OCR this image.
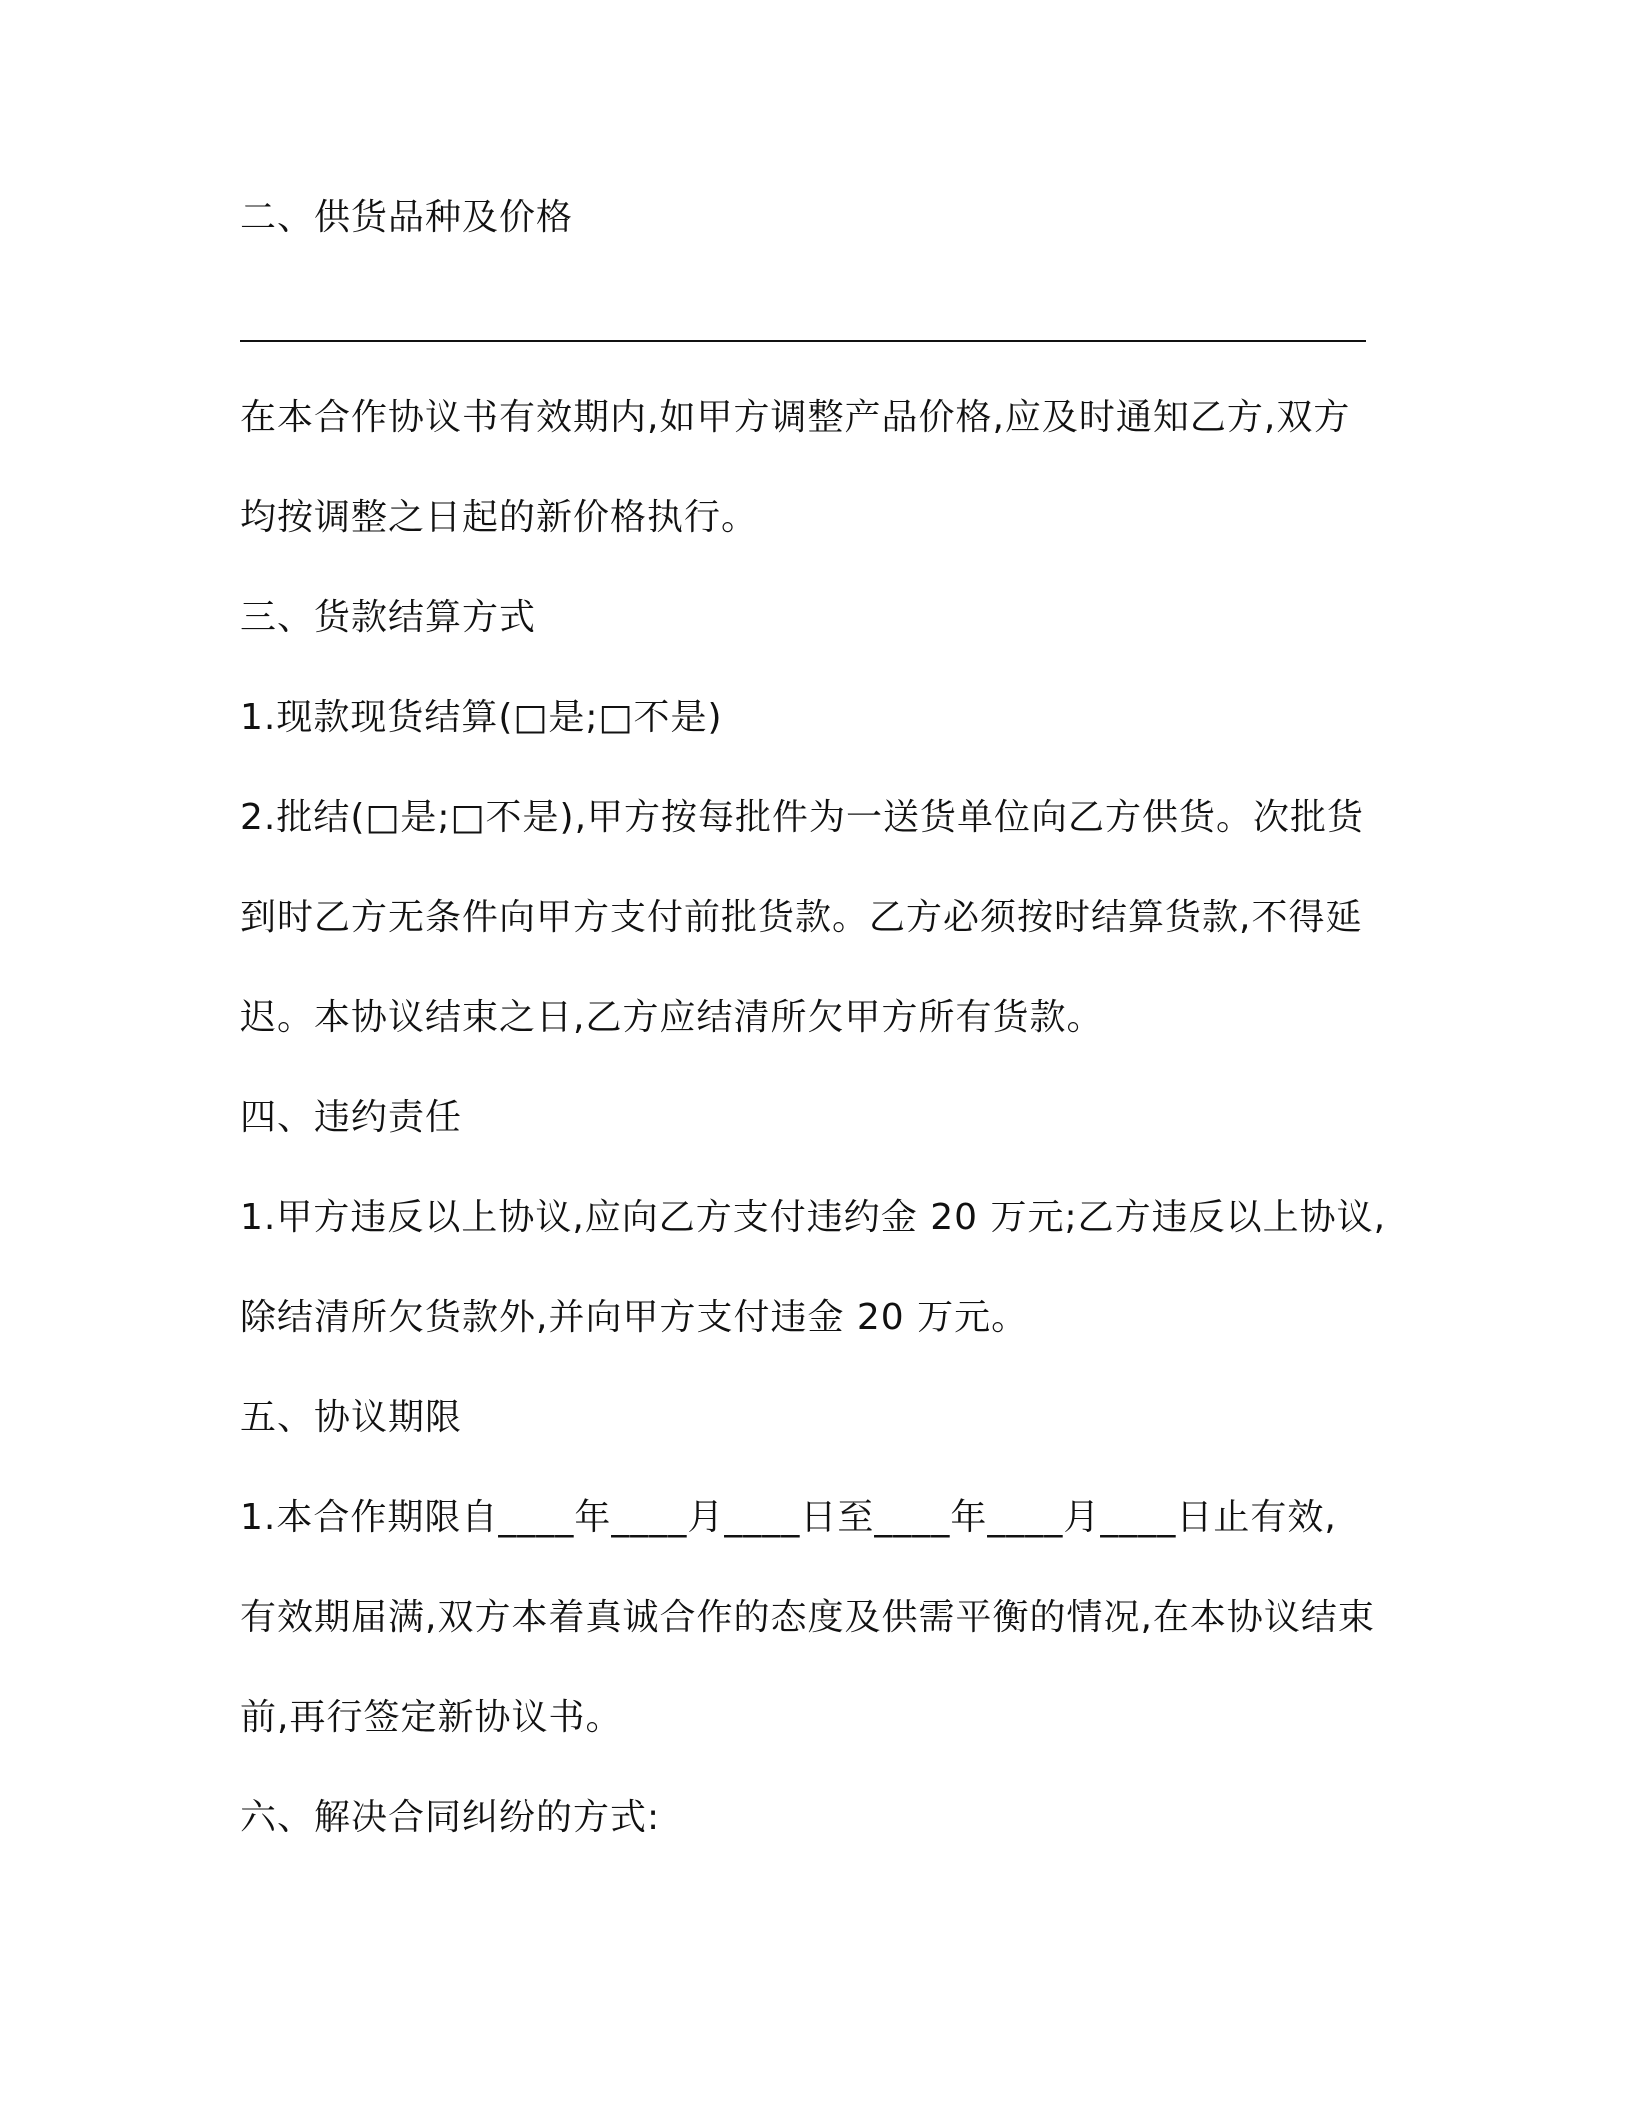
二、供货品种及价格
在本合作协议书有效期内,如甲方调整产品价格,应及时通知乙方,双方
均按调整之日起的新价格执行。
三、货款结算方式
1.现款现货结算(□是;□不是)
2.批结(□是;□不是),甲方按每批件为一送货单位向乙方供货。次批货
到时乙方无条件向甲方支付前批货款。乙方必须按时结算货款,不得延
迟。本协议结束之日,乙方应结清所欠甲方所有货款。
四、违约责任
1.甲方违反以上协议,应向乙方支付违约金 20 万元;乙方违反以上协议,
除结清所欠货款外,并向甲方支付违金 20 万元。
五、协议期限
1.本合作期限自____年____月____日至____年____月____日止有效,
有效期届满,双方本着真诚合作的态度及供需平衡的情况,在本协议结束
前,再行签定新协议书。
六、解决合同纠纷的方式:
